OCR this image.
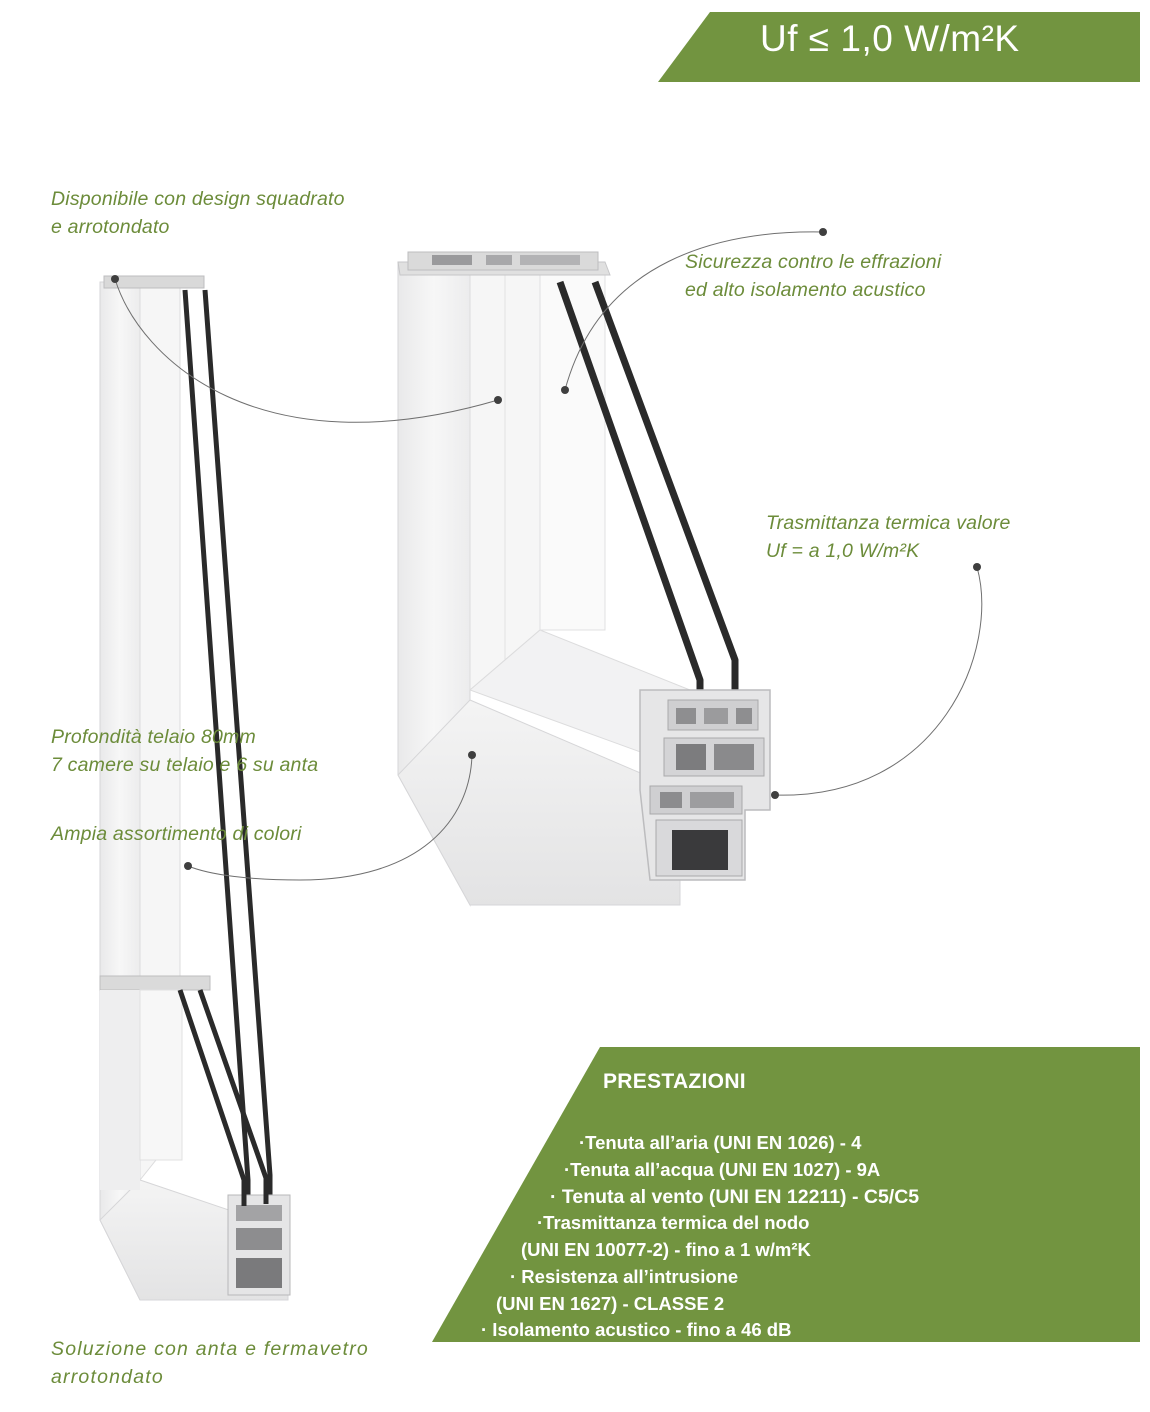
Uf ≤ 1,0 W/m²K
Disponibile con design squadrato
e arrotondato
Sicurezza contro le effrazioni
ed alto isolamento acustico
Trasmittanza termica valore
Uf = a 1,0 W/m²K
Profondità telaio 80mm
7 camere su telaio e 6 su anta
Ampia assortimento di colori
Soluzione con anta e fermavetro
arrotondato
PRESTAZIONI
·Tenuta all’aria (UNI EN 1026) - 4
·Tenuta all’acqua (UNI EN 1027) - 9A
· Tenuta al vento (UNI EN 12211) - C5/C5
·Trasmittanza termica del nodo
(UNI EN 10077-2) - fino a 1 w/m²K
· Resistenza all’intrusione
(UNI EN 1627) - CLASSE 2
· Isolamento acustico - fino a 46 dB
